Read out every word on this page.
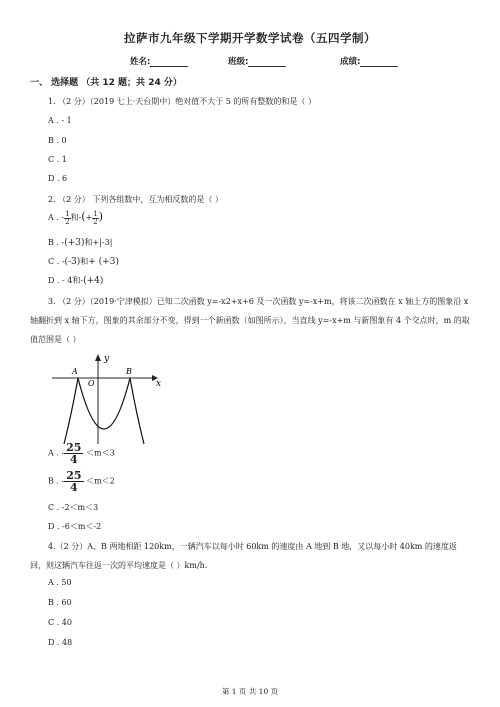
拉萨市九年级下学期开学数学试卷（五四学制）
姓名:	班级:	成绩:
一、 选择题 （共 12 题；共 24 分）
1. （2 分）（2019 七上·天台期中）绝对值不大于 5 的所有整数的和是（ ）
A . - 1
B . 0
C . 1
D . 6
2. （2 分） 下列各组数中，互为相反数的是（ ）
A . - $\frac{1}{2}$ 和-(+ $\frac{1}{2}$ )
B . -(+3)和+|-3|
C . -(-3)和+ (+3)
D . - 4和-(+4)
3. （2 分）（2019·宁津模拟）已知二次函数 y=-x2+x+6 及一次函数 y=-x+m，将该二次函数在 x 轴上方的图象沿 x 轴翻折到 x 轴下方，图象的其余部分不变，得到一个新函数（如图所示），当直线 y=-x+m 与新图象有 4 个交点时，m 的取值范围是（ ）
y
x
A
O
B
A . - $\frac{25}{4} <m<3$
B . - $\frac{25}{4} <m<2$
C . -2＜m＜3
D . -6＜m＜-2
4.（2 分）A、B 两地相距 120km，一辆汽车以每小时 60km 的速度由 A 地到 B 地，又以每小时 40km 的速度返回，则这辆汽车往返一次的平均速度是（ ）km/h.
A . 50
B . 60
C . 40
D . 48
第 1 页 共 10 页
